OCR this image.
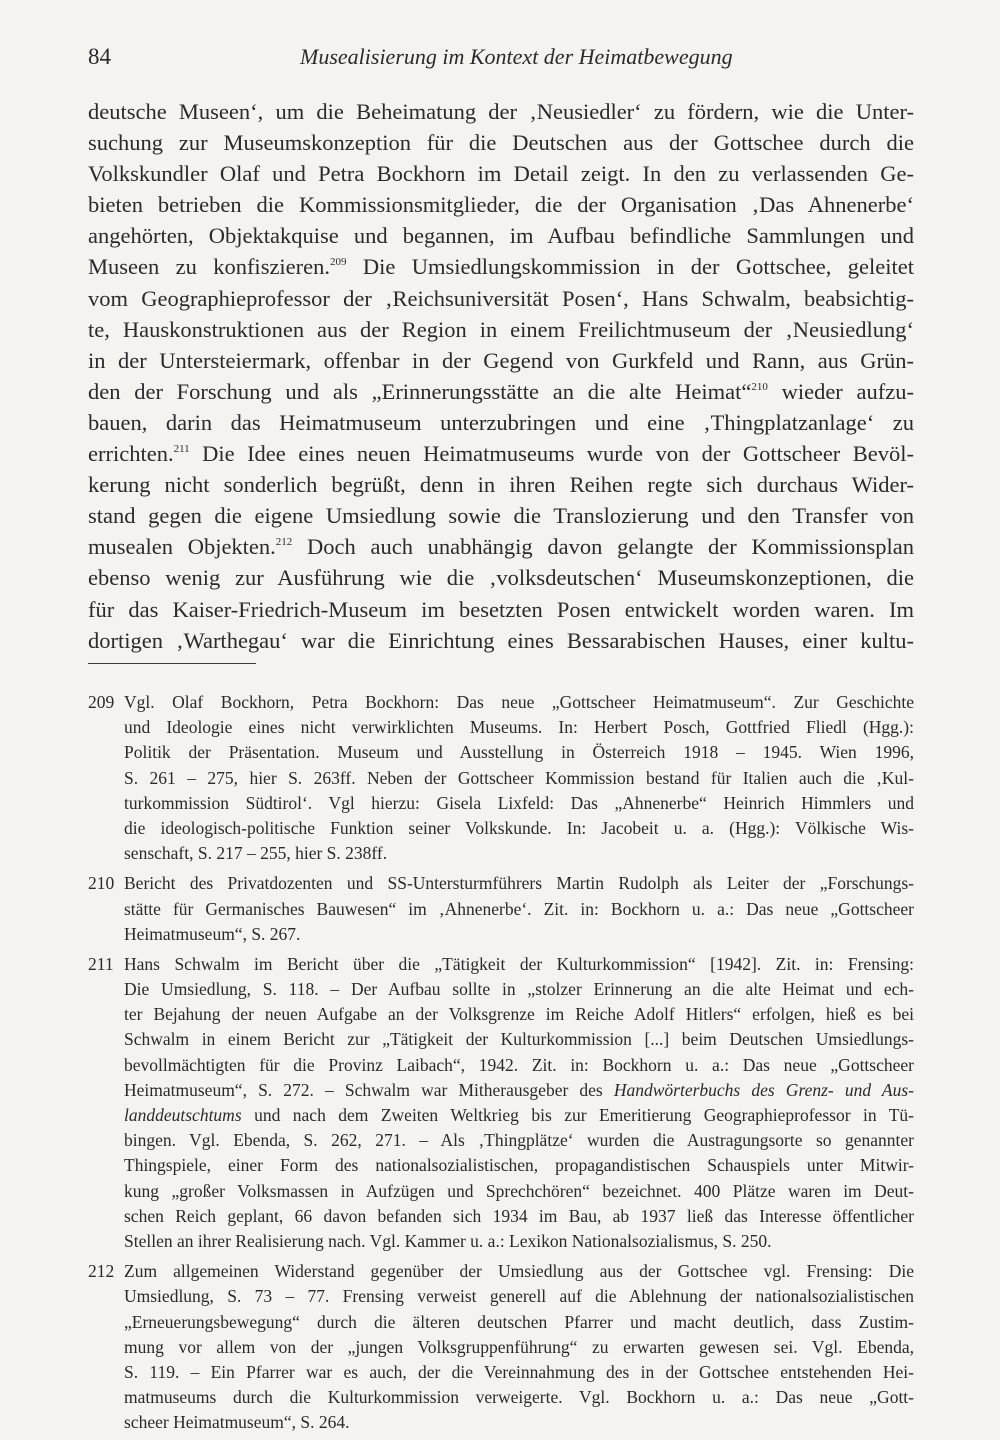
84	Musealisierung im Kontext der Heimatbewegung
deutsche Museen‘, um die Beheimatung der ‚Neusiedler‘ zu fördern, wie die Unter-
suchung zur Museumskonzeption für die Deutschen aus der Gottschee durch die
Volkskundler Olaf und Petra Bockhorn im Detail zeigt. In den zu verlassenden Ge-
bieten betrieben die Kommissionsmitglieder, die der Organisation ‚Das Ahnenerbe‘
angehörten, Objektakquise und begannen, im Aufbau befindliche Sammlungen und
Museen zu konfiszieren.$^{209}$ Die Umsiedlungskommission in der Gottschee, geleitet
vom Geographieprofessor der ‚Reichsuniversität Posen‘, Hans Schwalm, beabsichtig-
te, Hauskonstruktionen aus der Region in einem Freilichtmuseum der ‚Neusiedlung‘
in der Untersteiermark, offenbar in der Gegend von Gurkfeld und Rann, aus Grün-
den der Forschung und als „Erinnerungsstätte an die alte Heimat“$^{210}$ wieder aufzu-
bauen, darin das Heimatmuseum unterzubringen und eine ‚Thingplatzanlage‘ zu
errichten.$^{211}$ Die Idee eines neuen Heimatmuseums wurde von der Gottscheer Bevöl-
kerung nicht sonderlich begrüßt, denn in ihren Reihen regte sich durchaus Wider-
stand gegen die eigene Umsiedlung sowie die Translozierung und den Transfer von
musealen Objekten.$^{212}$ Doch auch unabhängig davon gelangte der Kommissionsplan
ebenso wenig zur Ausführung wie die ‚volksdeutschen‘ Museumskonzeptionen, die
für das Kaiser-Friedrich-Museum im besetzten Posen entwickelt worden waren. Im
dortigen ‚Warthegau‘ war die Einrichtung eines Bessarabischen Hauses, einer kultu-
209 Vgl. Olaf Bockhorn, Petra Bockhorn: Das neue „Gottscheer Heimatmuseum“. Zur Geschichte
und Ideologie eines nicht verwirklichten Museums. In: Herbert Posch, Gottfried Fliedl (Hgg.):
Politik der Präsentation. Museum und Ausstellung in Österreich 1918 – 1945. Wien 1996,
S. 261 – 275, hier S. 263ff. Neben der Gottscheer Kommission bestand für Italien auch die ‚Kul-
turkommission Südtirol‘. Vgl hierzu: Gisela Lixfeld: Das „Ahnenerbe“ Heinrich Himmlers und
die ideologisch-politische Funktion seiner Volkskunde. In: Jacobeit u. a. (Hgg.): Völkische Wis-
senschaft, S. 217 – 255, hier S. 238ff.
210 Bericht des Privatdozenten und SS-Untersturmführers Martin Rudolph als Leiter der „Forschungs-
stätte für Germanisches Bauwesen“ im ‚Ahnenerbe‘. Zit. in: Bockhorn u. a.: Das neue „Gottscheer
Heimatmuseum“, S. 267.
211 Hans Schwalm im Bericht über die „Tätigkeit der Kulturkommission“ [1942]. Zit. in: Frensing:
Die Umsiedlung, S. 118. – Der Aufbau sollte in „stolzer Erinnerung an die alte Heimat und ech-
ter Bejahung der neuen Aufgabe an der Volksgrenze im Reiche Adolf Hitlers“ erfolgen, hieß es bei
Schwalm in einem Bericht zur „Tätigkeit der Kulturkommission [...] beim Deutschen Umsiedlungs-
bevollmächtigten für die Provinz Laibach“, 1942. Zit. in: Bockhorn u. a.: Das neue „Gottscheer
Heimatmuseum“, S. 272. – Schwalm war Mitherausgeber des Handwörterbuchs des Grenz- und Aus-
landdeutschtums und nach dem Zweiten Weltkrieg bis zur Emeritierung Geographieprofessor in Tü-
bingen. Vgl. Ebenda, S. 262, 271. – Als ‚Thingplätze‘ wurden die Austragungsorte so genannter
Thingspiele, einer Form des nationalsozialistischen, propagandistischen Schauspiels unter Mitwir-
kung „großer Volksmassen in Aufzügen und Sprechchören“ bezeichnet. 400 Plätze waren im Deut-
schen Reich geplant, 66 davon befanden sich 1934 im Bau, ab 1937 ließ das Interesse öffentlicher
Stellen an ihrer Realisierung nach. Vgl. Kammer u. a.: Lexikon Nationalsozialismus, S. 250.
212 Zum allgemeinen Widerstand gegenüber der Umsiedlung aus der Gottschee vgl. Frensing: Die
Umsiedlung, S. 73 – 77. Frensing verweist generell auf die Ablehnung der nationalsozialistischen
„Erneuerungsbewegung“ durch die älteren deutschen Pfarrer und macht deutlich, dass Zustim-
mung vor allem von der „jungen Volksgruppenführung“ zu erwarten gewesen sei. Vgl. Ebenda,
S. 119. – Ein Pfarrer war es auch, der die Vereinnahmung des in der Gottschee entstehenden Hei-
matmuseums durch die Kulturkommission verweigerte. Vgl. Bockhorn u. a.: Das neue „Gott-
scheer Heimatmuseum“, S. 264.
